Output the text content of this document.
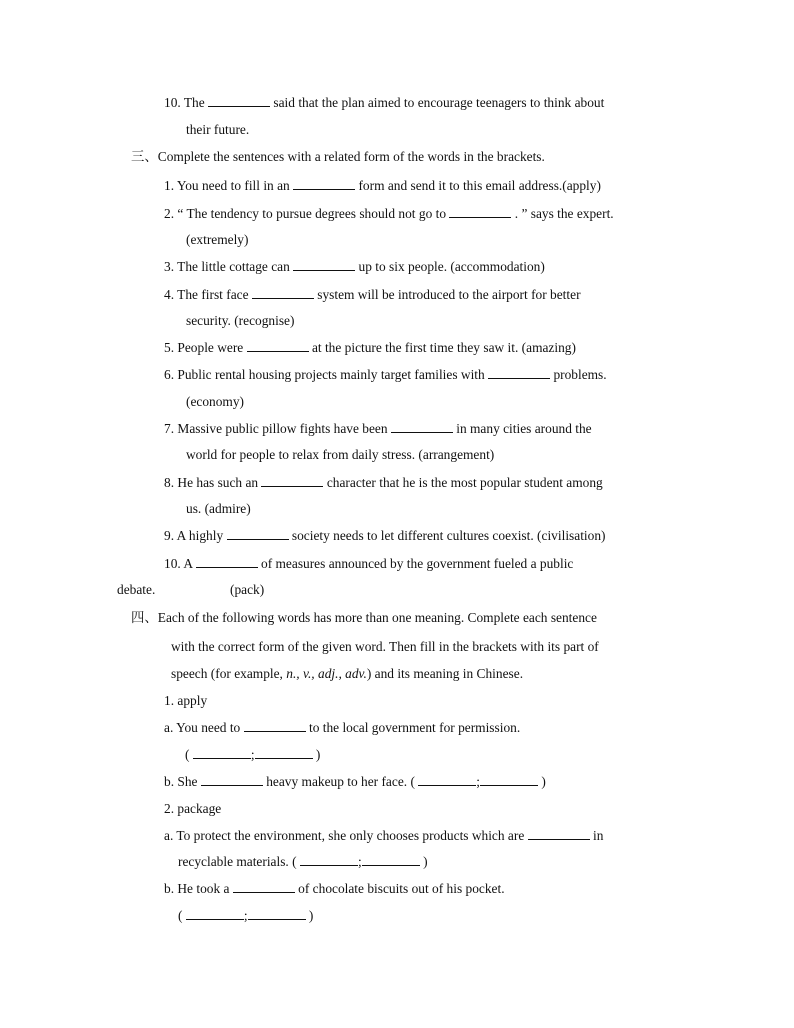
10. The	said that the plan aimed to encourage teenagers to think about
their future.
三、Complete the sentences with a related form of the words in the brackets.
1. You need to fill in an	form and send it to this email address.(apply)
2. “ The tendency to pursue degrees should not go to	. ” says the expert.
(extremely)
3. The little cottage can	up to six people. (accommodation)
4. The first face	system will be introduced to the airport for better
security. (recognise)
5. People were	at the picture the first time they saw it. (amazing)
6. Public rental housing projects mainly target families with	problems.
(economy)
7. Massive public pillow fights have been	in many cities around the
world for people to relax from daily stress. (arrangement)
8. He has such an	character that he is the most popular student among
us. (admire)
9. A highly	society needs to let different cultures coexist. (civilisation)
10. A	of measures announced by the government fueled a public
debate.	(pack)
四、Each of the following words has more than one meaning. Complete each sentence
with the correct form of the given word. Then fill in the brackets with its part of
speech (for example, n., v., adj., adv.) and its meaning in Chinese.
1. apply
a. You need to	to the local government for permission.
(	;	)
b. She	heavy makeup to her face. (	;	)
2. package
a. To protect the environment, she only chooses products which are	in
recyclable materials. (	;	)
b. He took a	of chocolate biscuits out of his pocket.
(	;	)
